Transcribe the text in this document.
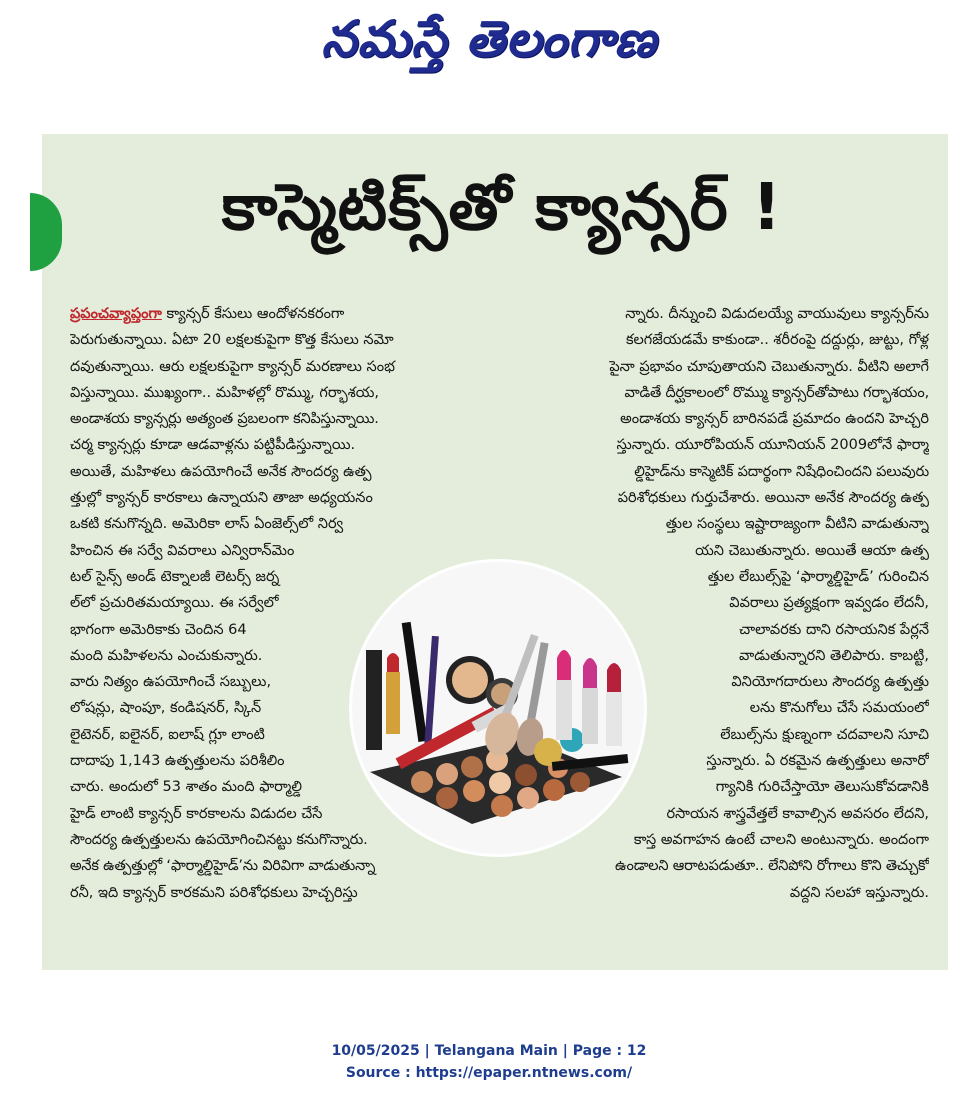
నమస్తే తెలంగాణ
కాస్మెటిక్స్‌తో క్యాన్సర్ !
ప్రపంచవ్యాప్తంగా క్యాన్సర్ కేసులు ఆందోళనకరంగా
పెరుగుతున్నాయి. ఏటా 20 లక్షలకుపైగా కొత్త కేసులు నమో
దవుతున్నాయి. ఆరు లక్షలకుపైగా క్యాన్సర్ మరణాలు సంభ
విస్తున్నాయి. ముఖ్యంగా.. మహిళల్లో రొమ్ము, గర్భాశయ,
అండాశయ క్యాన్సర్లు అత్యంత ప్రబలంగా కనిపిస్తున్నాయి.
చర్మ క్యాన్సర్లు కూడా ఆడవాళ్లను పట్టిపీడిస్తున్నాయి.
అయితే, మహిళలు ఉపయోగించే అనేక సౌందర్య ఉత్ప
త్తుల్లో క్యాన్సర్ కారకాలు ఉన్నాయని తాజా అధ్యయనం
ఒకటి కనుగొన్నది. అమెరికా లాస్ ఏంజెల్స్‌లో నిర్వ
హించిన ఈ సర్వే వివరాలు ఎన్విరాన్‌మెం
టల్ సైన్స్ అండ్ టెక్నాలజీ లెటర్స్ జర్న
ల్‌లో ప్రచురితమయ్యాయి. ఈ సర్వేలో
భాగంగా అమెరికాకు చెందిన 64
మంది మహిళలను ఎంచుకున్నారు.
వారు నిత్యం ఉపయోగించే సబ్బులు,
లోషన్లు, షాంపూ, కండిషనర్, స్కిన్
లైటెనర్, ఐలైనర్, ఐలాష్ గ్లూ లాంటి
దాదాపు 1,143 ఉత్పత్తులను పరిశీలిం
చారు. అందులో 53 శాతం మంది ఫార్మాల్డి
హైడ్ లాంటి క్యాన్సర్ కారకాలను విడుదల చేసే
సౌందర్య ఉత్పత్తులను ఉపయోగించినట్టు కనుగొన్నారు.
అనేక ఉత్పత్తుల్లో ‘ఫార్మాల్డిహైడ్’ను విరివిగా వాడుతున్నా
రనీ, ఇది క్యాన్సర్ కారకమని పరిశోధకులు హెచ్చరిస్తు
న్నారు. దీన్నుంచి విడుదలయ్యే వాయువులు క్యాన్సర్‌ను
కలగజేయడమే కాకుండా.. శరీరంపై దద్దుర్లు, జుట్టు, గోళ్ల
పైనా ప్రభావం చూపుతాయని చెబుతున్నారు. వీటిని అలాగే
వాడితే దీర్ఘకాలంలో రొమ్ము క్యాన్సర్‌తోపాటు గర్భాశయం,
అండాశయ క్యాన్సర్ బారినపడే ప్రమాదం ఉందని హెచ్చరి
స్తున్నారు. యూరోపియన్ యూనియన్ 2009లోనే ఫార్మా
ల్డిహైడ్‌ను కాస్మెటిక్ పదార్థంగా నిషేధించిందని పలువురు
పరిశోధకులు గుర్తుచేశారు. అయినా అనేక సౌందర్య ఉత్ప
త్తుల సంస్థలు ఇష్టారాజ్యంగా వీటిని వాడుతున్నా
యని చెబుతున్నారు. అయితే ఆయా ఉత్ప
త్తుల లేబుల్స్‌పై ‘ఫార్మాల్డిహైడ్’ గురించిన
వివరాలు ప్రత్యక్షంగా ఇవ్వడం లేదనీ,
చాలావరకు దాని రసాయనిక పేర్లనే
వాడుతున్నారని తెలిపారు. కాబట్టి,
వినియోగదారులు సౌందర్య ఉత్పత్తు
లను కొనుగోలు చేసే సమయంలో
లేబుల్స్‌ను క్షుణ్నంగా చదవాలని సూచి
స్తున్నారు. ఏ రకమైన ఉత్పత్తులు అనారో
గ్యానికి గురిచేస్తాయో తెలుసుకోవడానికి
రసాయన శాస్త్రవేత్తలే కావాల్సిన అవసరం లేదని,
కాస్త అవగాహన ఉంటే చాలని అంటున్నారు. అందంగా
ఉండాలని ఆరాటపడుతూ.. లేనిపోని రోగాలు కొని తెచ్చుకో
వద్దని సలహా ఇస్తున్నారు.
10/05/2025 | Telangana Main | Page : 12
Source : https://epaper.ntnews.com/
